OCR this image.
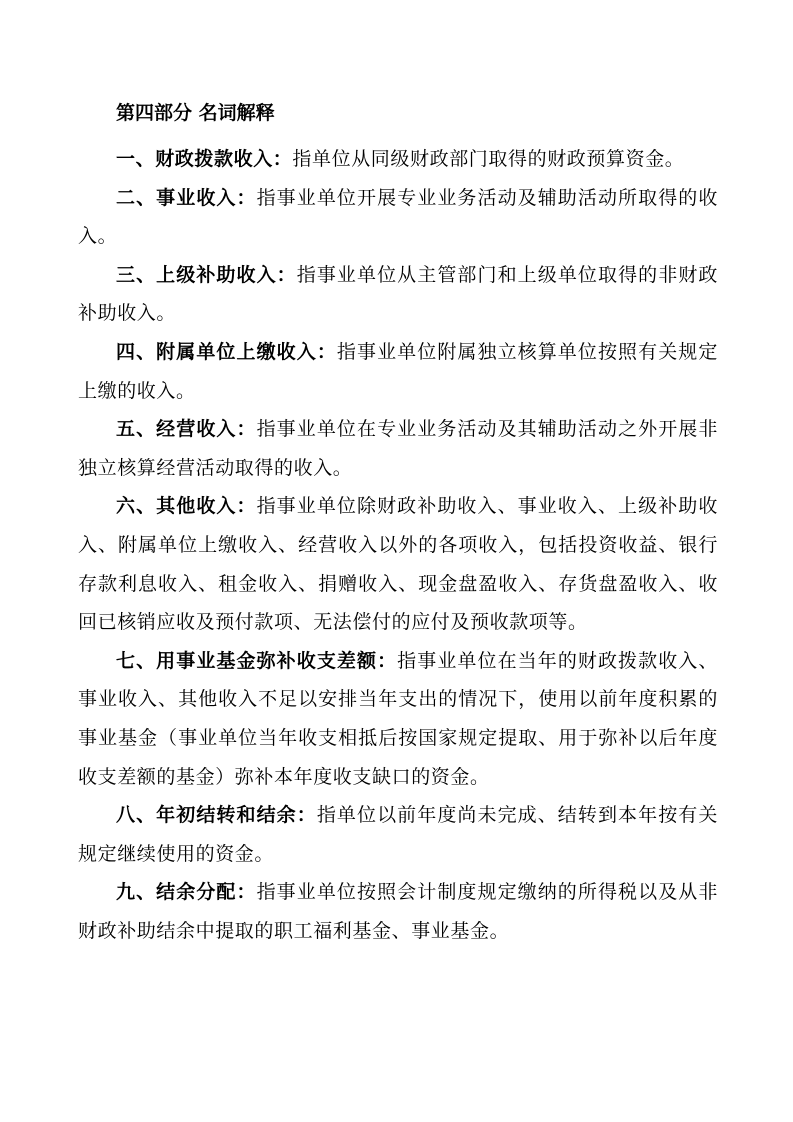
第四部分 名词解释

一、财政拨款收入：指单位从同级财政部门取得的财政预算资金。

二、事业收入：指事业单位开展专业业务活动及辅助活动所取得的收入。

三、上级补助收入：指事业单位从主管部门和上级单位取得的非财政补助收入。

四、附属单位上缴收入：指事业单位附属独立核算单位按照有关规定上缴的收入。

五、经营收入：指事业单位在专业业务活动及其辅助活动之外开展非独立核算经营活动取得的收入。

六、其他收入：指事业单位除财政补助收入、事业收入、上级补助收入、附属单位上缴收入、经营收入以外的各项收入，包括投资收益、银行存款利息收入、租金收入、捐赠收入、现金盘盈收入、存货盘盈收入、收回已核销应收及预付款项、无法偿付的应付及预收款项等。

七、用事业基金弥补收支差额：指事业单位在当年的财政拨款收入、事业收入、其他收入不足以安排当年支出的情况下，使用以前年度积累的事业基金（事业单位当年收支相抵后按国家规定提取、用于弥补以后年度收支差额的基金）弥补本年度收支缺口的资金。

八、年初结转和结余：指单位以前年度尚未完成、结转到本年按有关规定继续使用的资金。

九、结余分配：指事业单位按照会计制度规定缴纳的所得税以及从非财政补助结余中提取的职工福利基金、事业基金。
